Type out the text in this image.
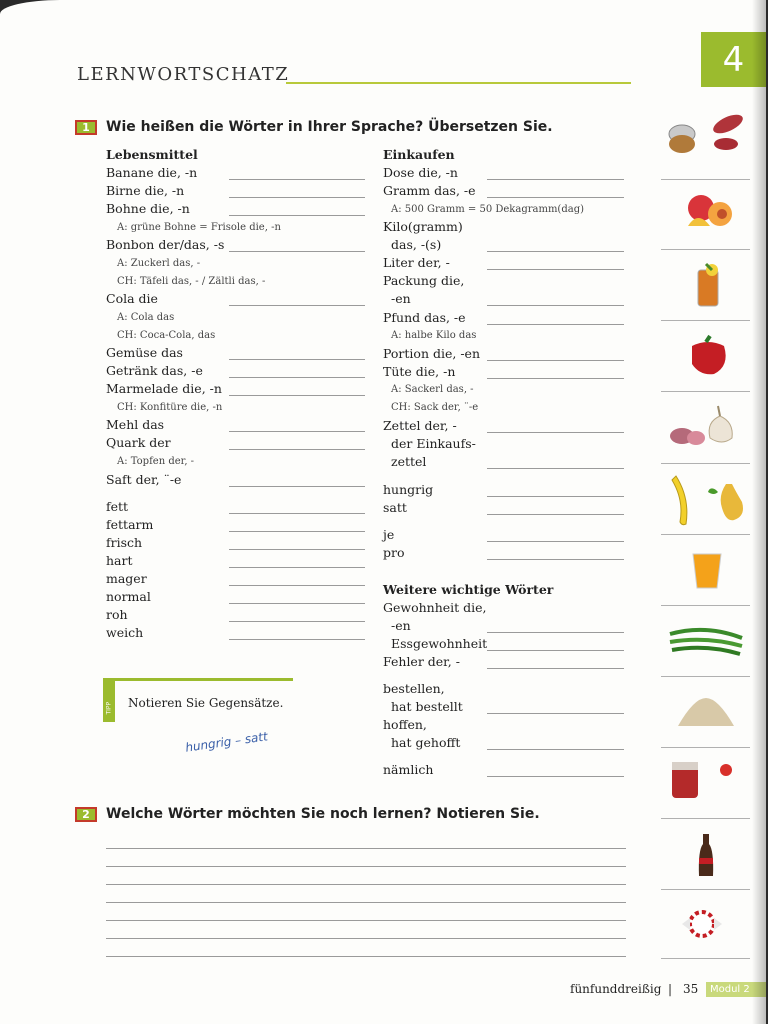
LERNWORTSCHATZ	4
1	Wie heißen die Wörter in Ihrer Sprache? Übersetzen Sie.
Lebensmittel
Banane die, -n
Birne die, -n
Bohne die, -n
A: grüne Bohne = Frisole die, -n
Bonbon der/das, -s
A: Zuckerl das, -
CH: Täfeli das, - / Zältli das, -
Cola die
A: Cola das
CH: Coca-Cola, das
Gemüse das
Getränk das, -e
Marmelade die, -n
CH: Konfitüre die, -n
Mehl das
Quark der
A: Topfen der, -
Saft der, ¨-e
fett
fettarm
frisch
hart
mager
normal
roh
weich
TIPP Notieren Sie Gegensätze.
hungrig – satt
Einkaufen
Dose die, -n
Gramm das, -e
A: 500 Gramm = 50 Dekagramm(dag)
Kilo(gramm)
das, -(s)
Liter der, -
Packung die,
-en
Pfund das, -e
A: halbe Kilo das
Portion die, -en
Tüte die, -n
A: Sackerl das, -
CH: Sack der, ¨-e
Zettel der, -
der Einkaufs-
zettel
hungrig
satt
je
pro
Weitere wichtige Wörter
Gewohnheit die,
-en
Essgewohnheit
Fehler der, -
bestellen,
hat bestellt
hoffen,
hat gehofft
nämlich
2	Welche Wörter möchten Sie noch lernen? Notieren Sie.
fünfunddreißig | 35	Modul 2
